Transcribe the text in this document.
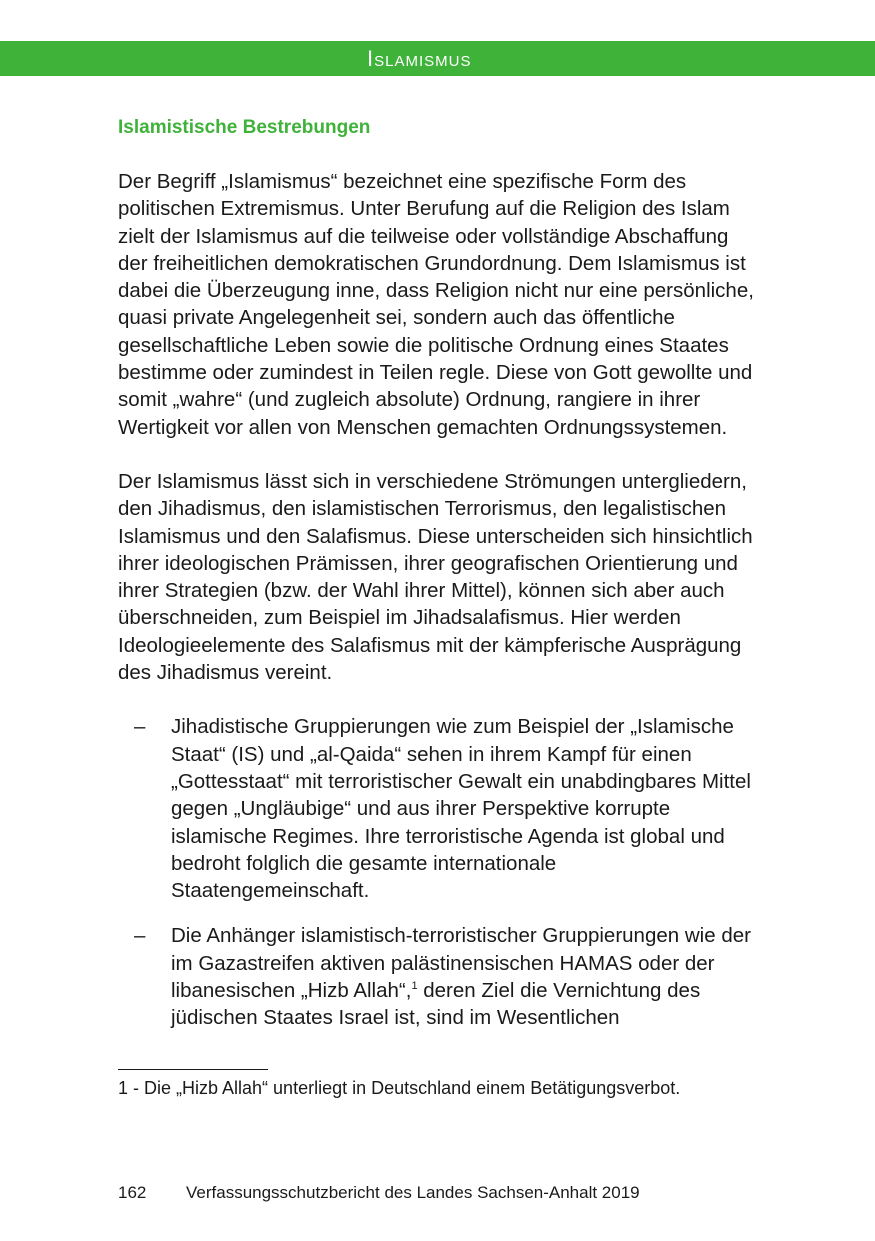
Islamismus
Islamistische Bestrebungen

Der Begriff „Islamismus“ bezeichnet eine spezifische Form des politischen Extremismus. Unter Berufung auf die Religion des Islam zielt der Islamismus auf die teilweise oder vollständige Abschaffung der freiheitlichen demokratischen Grundordnung. Dem Islamismus ist dabei die Überzeugung inne, dass Religion nicht nur eine persönliche, quasi private Angelegenheit sei, sondern auch das öffentliche gesellschaftliche Leben sowie die politische Ordnung eines Staates bestimme oder zumindest in Teilen regle. Diese von Gott gewollte und somit „wahre“ (und zugleich absolute) Ordnung, rangiere in ihrer Wertigkeit vor allen von Menschen gemachten Ordnungssystemen.

Der Islamismus lässt sich in verschiedene Strömungen untergliedern, den Jihadismus, den islamistischen Terrorismus, den legalistischen Islamismus und den Salafismus. Diese unterscheiden sich hinsichtlich ihrer ideologischen Prämissen, ihrer geografischen Orientierung und ihrer Strategien (bzw. der Wahl ihrer Mittel), können sich aber auch überschneiden, zum Beispiel im Jihadsalafismus. Hier werden Ideologieelemente des Salafismus mit der kämpferische Ausprägung des Jihadismus vereint.

– Jihadistische Gruppierungen wie zum Beispiel der „Islamische Staat“ (IS) und „al-Qaida“ sehen in ihrem Kampf für einen „Gottesstaat“ mit terroristischer Gewalt ein unabdingbares Mittel gegen „Ungläubige“ und aus ihrer Perspektive korrupte islamische Regimes. Ihre terroristische Agenda ist global und bedroht folglich die gesamte internationale Staatengemeinschaft.
– Die Anhänger islamistisch-terroristischer Gruppierungen wie der im Gazastreifen aktiven palästinensischen HAMAS oder der libanesischen „Hizb Allah“,$^1$ deren Ziel die Vernichtung des jüdischen Staates Israel ist, sind im Wesentlichen
1 - Die „Hizb Allah“ unterliegt in Deutschland einem Betätigungsverbot.
162 Verfassungsschutzbericht des Landes Sachsen-Anhalt 2019
